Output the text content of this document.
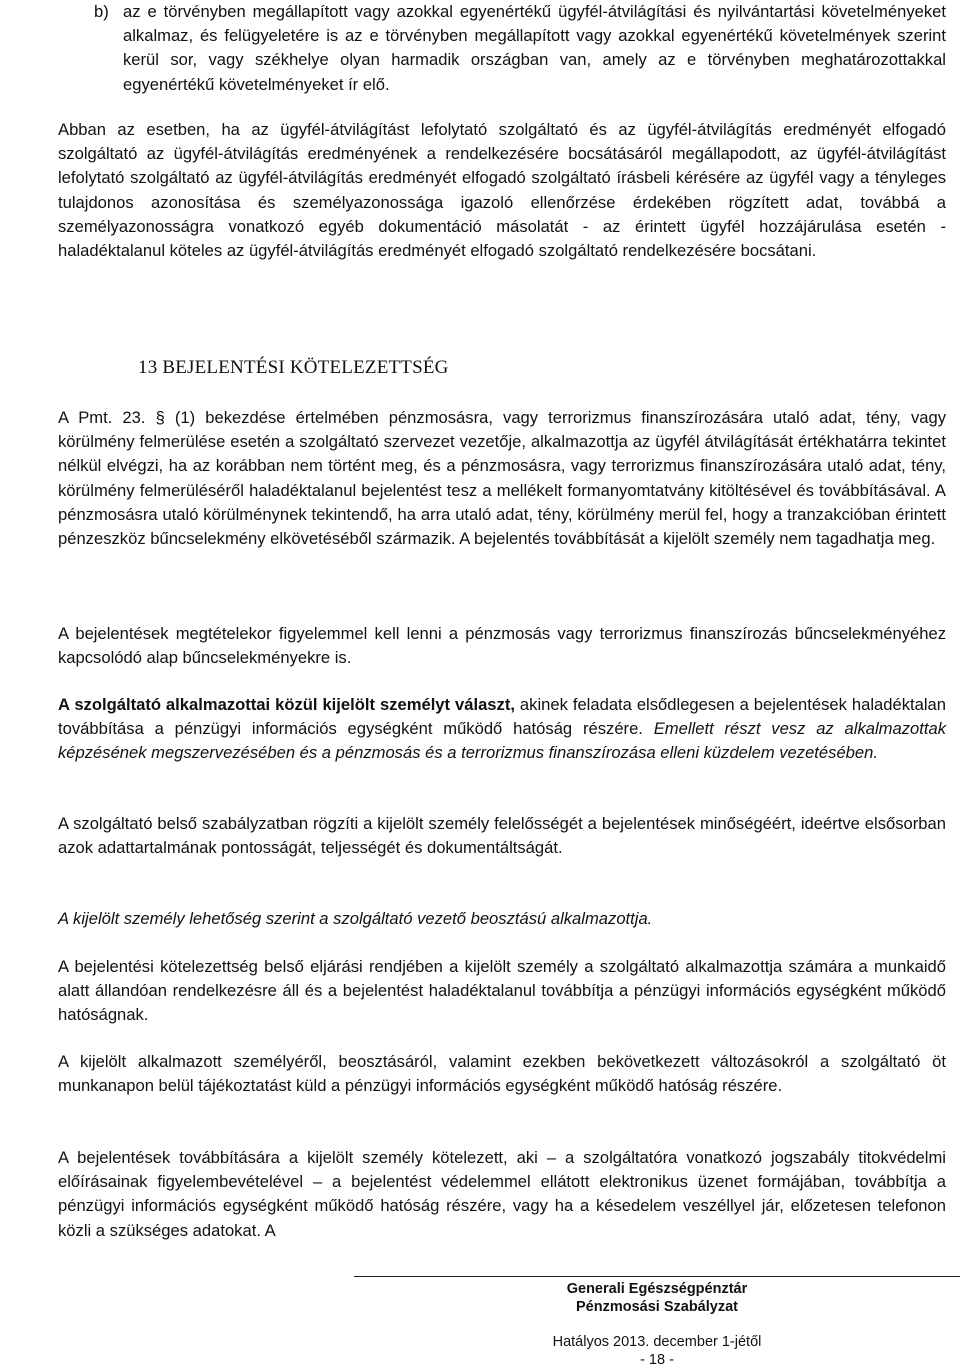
b) az e törvényben megállapított vagy azokkal egyenértékű ügyfél-átvilágítási és nyilvántartási követelményeket alkalmaz, és felügyeletére is az e törvényben megállapított vagy azokkal egyenértékű követelmények szerint kerül sor, vagy székhelye olyan harmadik országban van, amely az e törvényben meghatározottakkal egyenértékű követelményeket ír elő.

Abban az esetben, ha az ügyfél-átvilágítást lefolytató szolgáltató és az ügyfél-átvilágítás eredményét elfogadó szolgáltató az ügyfél-átvilágítás eredményének a rendelkezésére bocsátásáról megállapodott, az ügyfél-átvilágítást lefolytató szolgáltató az ügyfél-átvilágítás eredményét elfogadó szolgáltató írásbeli kérésére az ügyfél vagy a tényleges tulajdonos azonosítása és személyazonossága igazoló ellenőrzése érdekében rögzített adat, továbbá a személyazonosságra vonatkozó egyéb dokumentáció másolatát - az érintett ügyfél hozzájárulása esetén - haladéktalanul köteles az ügyfél-átvilágítás eredményét elfogadó szolgáltató rendelkezésére bocsátani.

13 BEJELENTÉSI KÖTELEZETTSÉG

A Pmt. 23. § (1) bekezdése értelmében pénzmosásra, vagy terrorizmus finanszírozására utaló adat, tény, vagy körülmény felmerülése esetén a szolgáltató szervezet vezetője, alkalmazottja az ügyfél átvilágítását értékhatárra tekintet nélkül elvégzi, ha az korábban nem történt meg, és a pénzmosásra, vagy terrorizmus finanszírozására utaló adat, tény, körülmény felmerüléséről haladéktalanul bejelentést tesz a mellékelt formanyomtatvány kitöltésével és továbbításával. A pénzmosásra utaló körülménynek tekintendő, ha arra utaló adat, tény, körülmény merül fel, hogy a tranzakcióban érintett pénzeszköz bűncselekmény elkövetéséből származik. A bejelentés továbbítását a kijelölt személy nem tagadhatja meg.

A bejelentések megtételekor figyelemmel kell lenni a pénzmosás vagy terrorizmus finanszírozás bűncselekményéhez kapcsolódó alap bűncselekményekre is.

A szolgáltató alkalmazottai közül kijelölt személyt választ, akinek feladata elsődlegesen a bejelentések haladéktalan továbbítása a pénzügyi információs egységként működő hatóság részére. Emellett részt vesz az alkalmazottak képzésének megszervezésében és a pénzmosás és a terrorizmus finanszírozása elleni küzdelem vezetésében.

A szolgáltató belső szabályzatban rögzíti a kijelölt személy felelősségét a bejelentések minőségéért, ideértve elsősorban azok adattartalmának pontosságát, teljességét és dokumentáltságát.

A kijelölt személy lehetőség szerint a szolgáltató vezető beosztású alkalmazottja.

A bejelentési kötelezettség belső eljárási rendjében a kijelölt személy a szolgáltató alkalmazottja számára a munkaidő alatt állandóan rendelkezésre áll és a bejelentést haladéktalanul továbbítja a pénzügyi információs egységként működő hatóságnak.

A kijelölt alkalmazott személyéről, beosztásáról, valamint ezekben bekövetkezett változásokról a szolgáltató öt munkanapon belül tájékoztatást küld a pénzügyi információs egységként működő hatóság részére.

A bejelentések továbbítására a kijelölt személy kötelezett, aki – a szolgáltatóra vonatkozó jogszabály titokvédelmi előírásainak figyelembevételével – a bejelentést védelemmel ellátott elektronikus üzenet formájában, továbbítja a pénzügyi információs egységként működő hatóság részére, vagy ha a késedelem veszéllyel jár, előzetesen telefonon közli a szükséges adatokat. A

Generali Egészségpénztár
Pénzmosási Szabályzat
Hatályos 2013. december 1-jétől
- 18 -
